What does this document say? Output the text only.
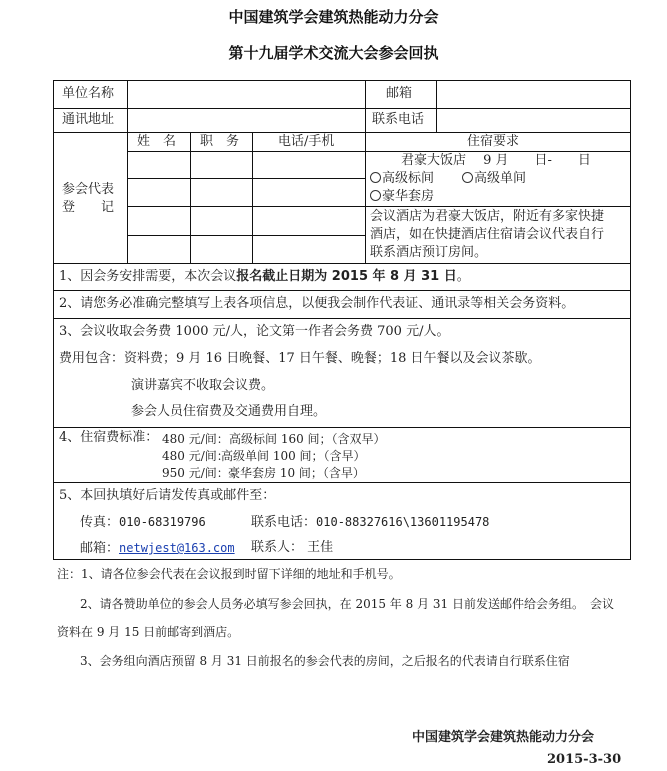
中国建筑学会建筑热能动力分会
第十九届学术交流大会参会回执
单位名称	邮箱
通讯地址	联系电话
参会代表
登　　记
姓　名 职　务	电话/手机	住宿要求
君豪大饭店　 9 月　　日-　　日
高级标间	高级单间
豪华套房
会议酒店为君豪大饭店，附近有多家快捷
酒店，如在快捷酒店住宿请会议代表自行
联系酒店预订房间。
1、因会务安排需要，本次会议报名截止日期为 2015 年 8 月 31 日。
2、请您务必准确完整填写上表各项信息，以便我会制作代表证、通讯录等相关会务资料。
3、会议收取会务费 1000 元/人，论文第一作者会务费 700 元/人。
费用包含：资料费；9 月 16 日晚餐、17 日午餐、晚餐；18 日午餐以及会议茶歇。
演讲嘉宾不收取会议费。
参会人员住宿费及交通费用自理。
4、住宿费标准： 480 元/间： 高级标间 160 间；（含双早）
480 元/间：
高级单间 100 间；（含早）
950 元/间： 豪华套房 10 间；（含早）
5、本回执填好后请发传真或邮件至：
传真：010-68319796	联系电话：010-88327616\13601195478
邮箱：netwjest@163.com 联系人： 王佳
注：1、请各位参会代表在会议报到时留下详细的地址和手机号。
2、请各赞助单位的参会人员务必填写参会回执，在 2015 年 8 月 31 日前发送邮件给会务组。　会议
资料在 9 月 15 日前邮寄到酒店。
3、会务组向酒店预留 8 月 31 日前报名的参会代表的房间，之后报名的代表请自行联系住宿
中国建筑学会建筑热能动力分会
2015-3-30
